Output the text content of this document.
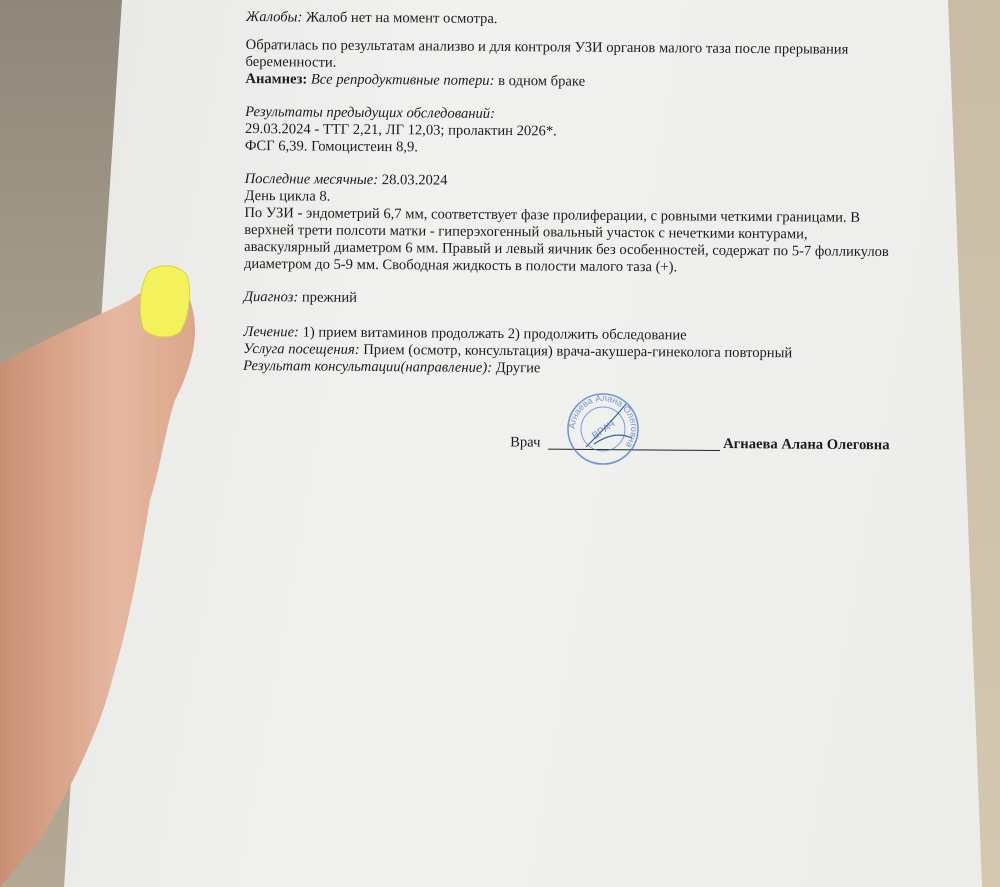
Жалобы: Жалоб нет на момент осмотра.

Обратилась по результатам анализво и для контроля УЗИ органов малого таза после прерывания беременности.

Анамнез: Все репродуктивные потери: в одном браке

Результаты предыдущих обследований:

29.03.2024 - ТТГ 2,21, ЛГ 12,03; пролактин 2026*.

ФСГ 6,39. Гомоцистеин 8,9.

Последние месячные: 28.03.2024

День цикла 8.

По УЗИ - эндометрий 6,7 мм, соответствует фазе пролиферации, с ровными четкими границами. В верхней трети полсоти матки - гиперэхогенный овальный участок с нечеткими контурами, аваскулярный диаметром 6 мм. Правый и левый яичник без особенностей, содержат по 5-7 фолликулов диаметром до 5-9 мм. Свободная жидкость в полости малого таза (+).

Диагноз: прежний

Лечение: 1) прием витаминов продолжать 2) продолжить обследование

Услуга посещения: Прием (осмотр, консультация) врача-акушера-гинеколога повторный

Результат консультации(направление): Другие

Врач	Агнаева Алана Олеговна
Агнаева Алана Олеговна
ВРАЧ
